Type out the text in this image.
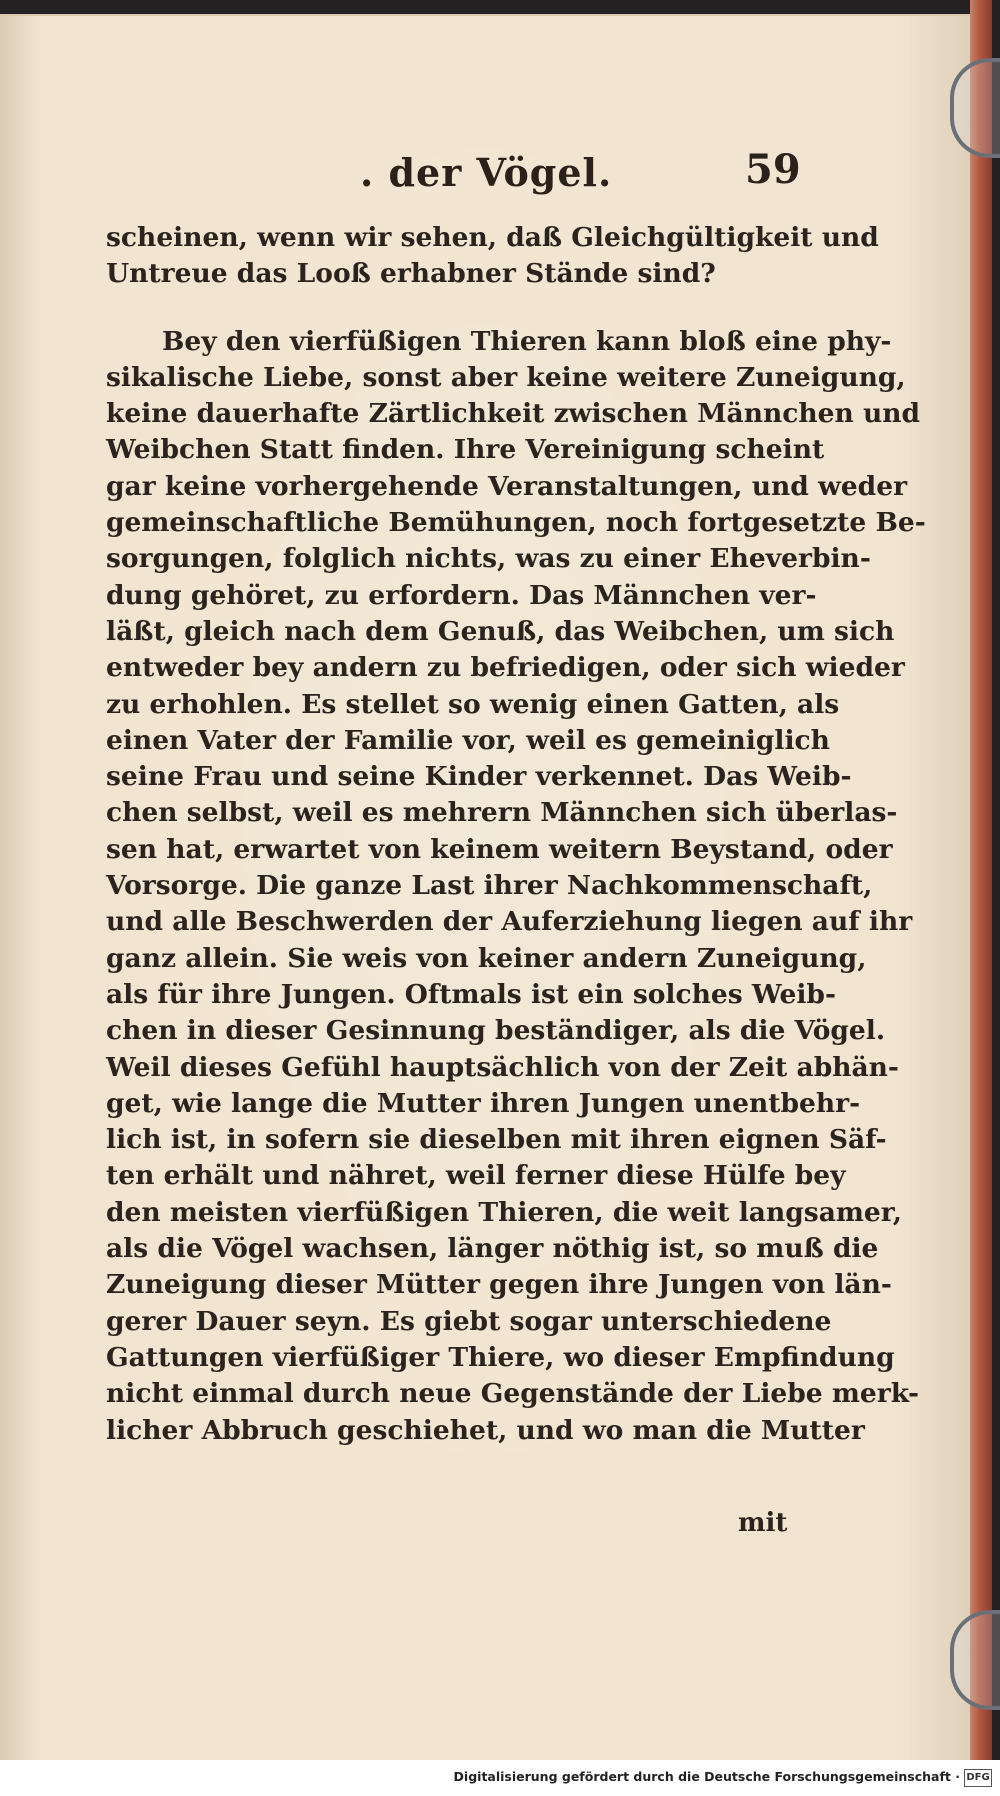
. der Vögel.	59
scheinen, wenn wir sehen, daß Gleichgültigkeit und
Untreue das Looß erhabner Stände sind?
Bey den vierfüßigen Thieren kann bloß eine phy-
sikalische Liebe, sonst aber keine weitere Zuneigung,
keine dauerhafte Zärtlichkeit zwischen Männchen und
Weibchen Statt finden. Ihre Vereinigung scheint
gar keine vorhergehende Veranstaltungen, und weder
gemeinschaftliche Bemühungen, noch fortgesetzte Be-
sorgungen, folglich nichts, was zu einer Eheverbin-
dung gehöret, zu erfordern. Das Männchen ver-
läßt, gleich nach dem Genuß, das Weibchen, um sich
entweder bey andern zu befriedigen, oder sich wieder
zu erhohlen. Es stellet so wenig einen Gatten, als
einen Vater der Familie vor, weil es gemeiniglich
seine Frau und seine Kinder verkennet. Das Weib-
chen selbst, weil es mehrern Männchen sich überlas-
sen hat, erwartet von keinem weitern Beystand, oder
Vorsorge. Die ganze Last ihrer Nachkommenschaft,
und alle Beschwerden der Auferziehung liegen auf ihr
ganz allein. Sie weis von keiner andern Zuneigung,
als für ihre Jungen. Oftmals ist ein solches Weib-
chen in dieser Gesinnung beständiger, als die Vögel.
Weil dieses Gefühl hauptsächlich von der Zeit abhän-
get, wie lange die Mutter ihren Jungen unentbehr-
lich ist, in sofern sie dieselben mit ihren eignen Säf-
ten erhält und nähret, weil ferner diese Hülfe bey
den meisten vierfüßigen Thieren, die weit langsamer,
als die Vögel wachsen, länger nöthig ist, so muß die
Zuneigung dieser Mütter gegen ihre Jungen von län-
gerer Dauer seyn. Es giebt sogar unterschiedene
Gattungen vierfüßiger Thiere, wo dieser Empfindung
nicht einmal durch neue Gegenstände der Liebe merk-
licher Abbruch geschiehet, und wo man die Mutter
mit
Digitalisierung gefördert durch die Deutsche Forschungsgemeinschaft · DFG
